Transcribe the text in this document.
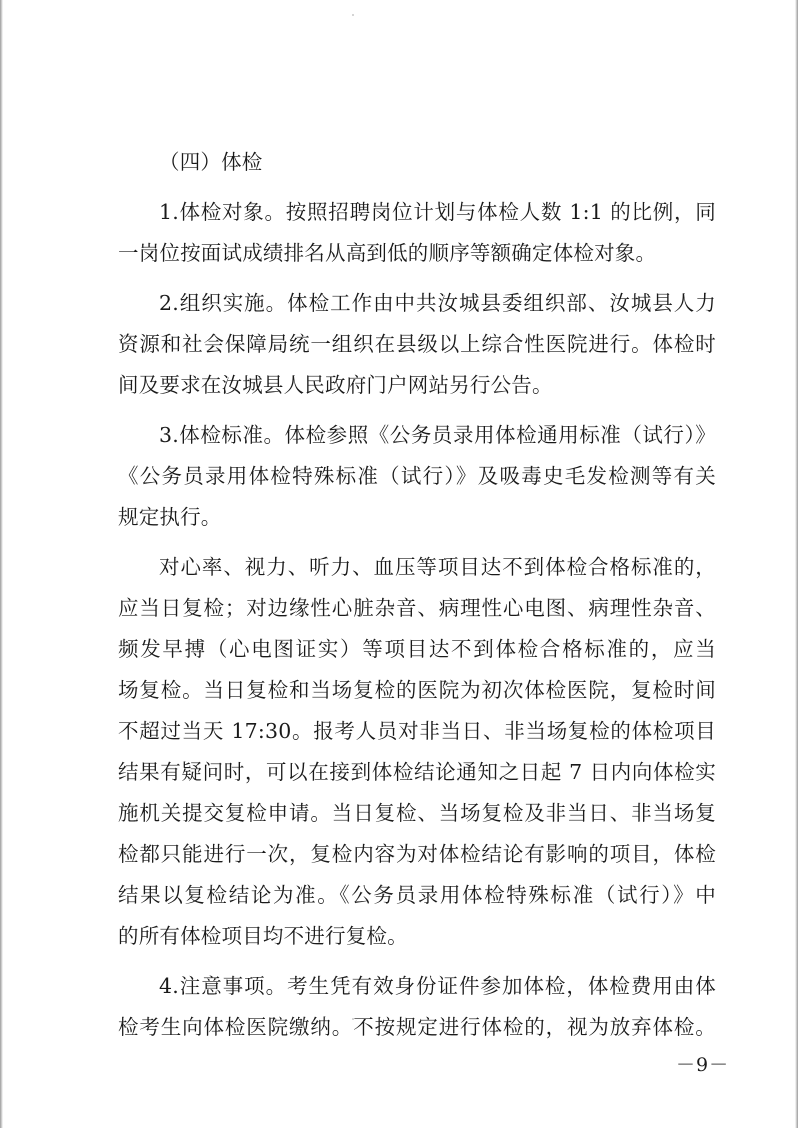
（四）体检
1.体检对象。按照招聘岗位计划与体检人数 1:1 的比例，同
一岗位按面试成绩排名从高到低的顺序等额确定体检对象。
2.组织实施。体检工作由中共汝城县委组织部、汝城县人力
资源和社会保障局统一组织在县级以上综合性医院进行。体检时
间及要求在汝城县人民政府门户网站另行公告。
3.体检标准。体检参照《公务员录用体检通用标准（试行）》
《公务员录用体检特殊标准（试行）》及吸毒史毛发检测等有关
规定执行。
对心率、视力、听力、血压等项目达不到体检合格标准的，
应当日复检；对边缘性心脏杂音、病理性心电图、病理性杂音、
频发早搏（心电图证实）等项目达不到体检合格标准的，应当
场复检。当日复检和当场复检的医院为初次体检医院，复检时间
不超过当天 17:30。报考人员对非当日、非当场复检的体检项目
结果有疑问时，可以在接到体检结论通知之日起 7 日内向体检实
施机关提交复检申请。当日复检、当场复检及非当日、非当场复
检都只能进行一次，复检内容为对体检结论有影响的项目，体检
结果以复检结论为准。《公务员录用体检特殊标准（试行）》中
的所有体检项目均不进行复检。
4.注意事项。考生凭有效身份证件参加体检，体检费用由体
检考生向体检医院缴纳。不按规定进行体检的，视为放弃体检。
－9－
